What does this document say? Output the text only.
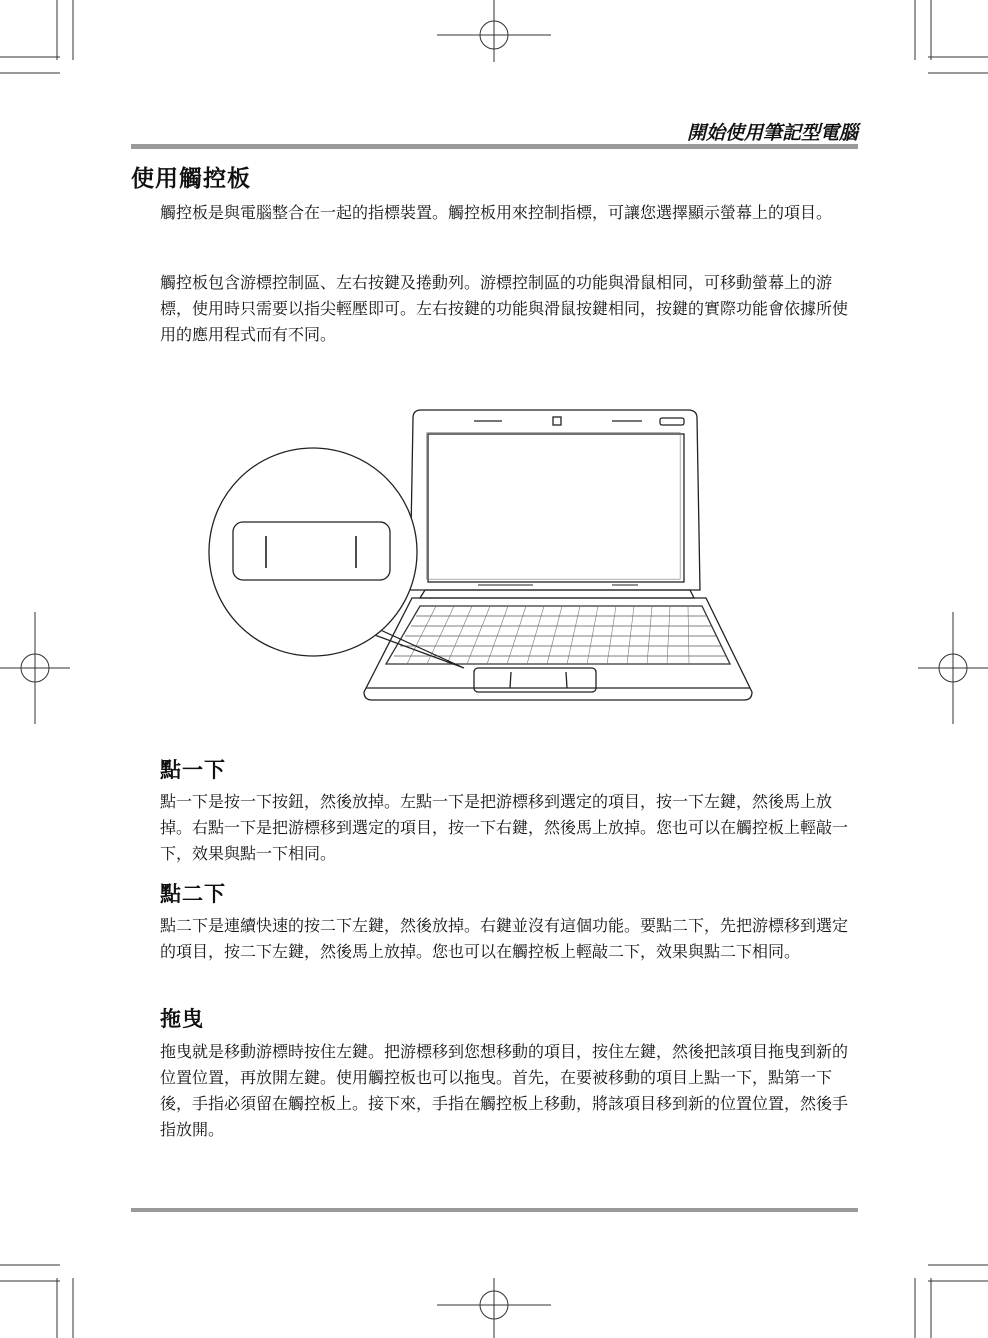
開始使用筆記型電腦
使用觸控板

觸控板是與電腦整合在一起的指標裝置。觸控板用來控制指標，可讓您選擇顯示螢幕上的項目。

觸控板包含游標控制區、左右按鍵及捲動列。游標控制區的功能與滑鼠相同，可移動螢幕上的游標，使用時只需要以指尖輕壓即可。左右按鍵的功能與滑鼠按鍵相同，按鍵的實際功能會依據所使用的應用程式而有不同。

點一下

點一下是按一下按鈕，然後放掉。左點一下是把游標移到選定的項目，按一下左鍵，然後馬上放掉。右點一下是把游標移到選定的項目，按一下右鍵，然後馬上放掉。您也可以在觸控板上輕敲一下，效果與點一下相同。

點二下

點二下是連續快速的按二下左鍵，然後放掉。右鍵並沒有這個功能。要點二下，先把游標移到選定的項目，按二下左鍵，然後馬上放掉。您也可以在觸控板上輕敲二下，效果與點二下相同。

拖曳

拖曳就是移動游標時按住左鍵。把游標移到您想移動的項目，按住左鍵，然後把該項目拖曳到新的位置位置，再放開左鍵。使用觸控板也可以拖曳。首先，在要被移動的項目上點一下，點第一下後，手指必須留在觸控板上。接下來，手指在觸控板上移動，將該項目移到新的位置位置，然後手指放開。
